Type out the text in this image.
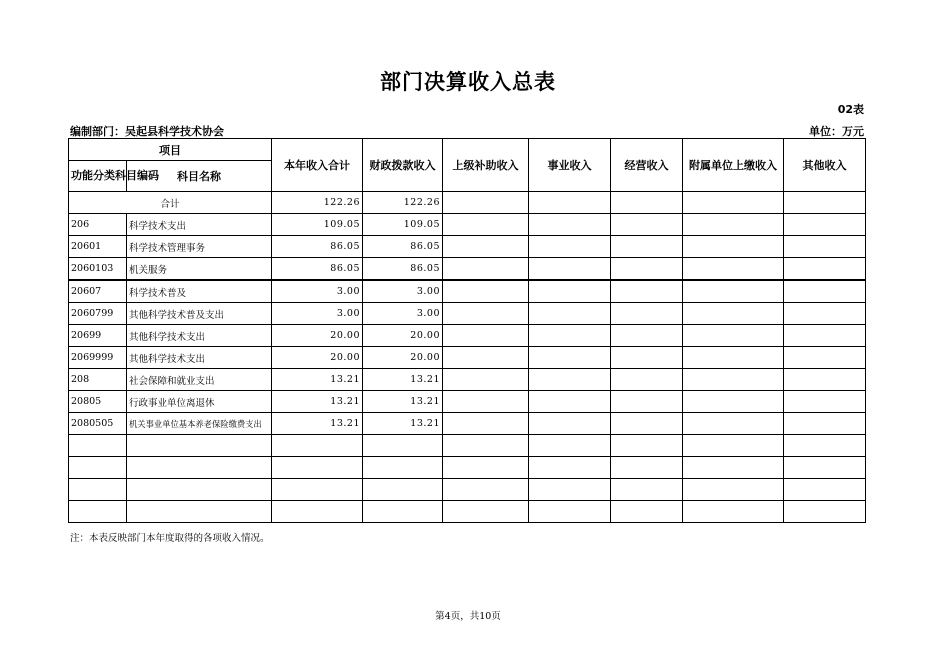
部门决算收入总表
02表
编制部门：吴起县科学技术协会	单位：万元
项目		本年收入合计	财政拨款收入	上级补助收入	事业收入	经营收入	附属单位上缴收入	其他收入
功能分类科目编码	科目名称							
合计		122.26	122.26					
206	科学技术支出	109.05	109.05					
20601	科学技术管理事务	86.05	86.05					
2060103	机关服务	86.05	86.05					
20607	科学技术普及	3.00	3.00					
2060799	其他科学技术普及支出	3.00	3.00					
20699	其他科学技术支出	20.00	20.00					
2069999	其他科学技术支出	20.00	20.00					
208	社会保障和就业支出	13.21	13.21					
20805	行政事业单位离退休	13.21	13.21					
2080505	机关事业单位基本养老保险缴费支出	13.21	13.21					

注：本表反映部门本年度取得的各项收入情况。
第4页，共10页
